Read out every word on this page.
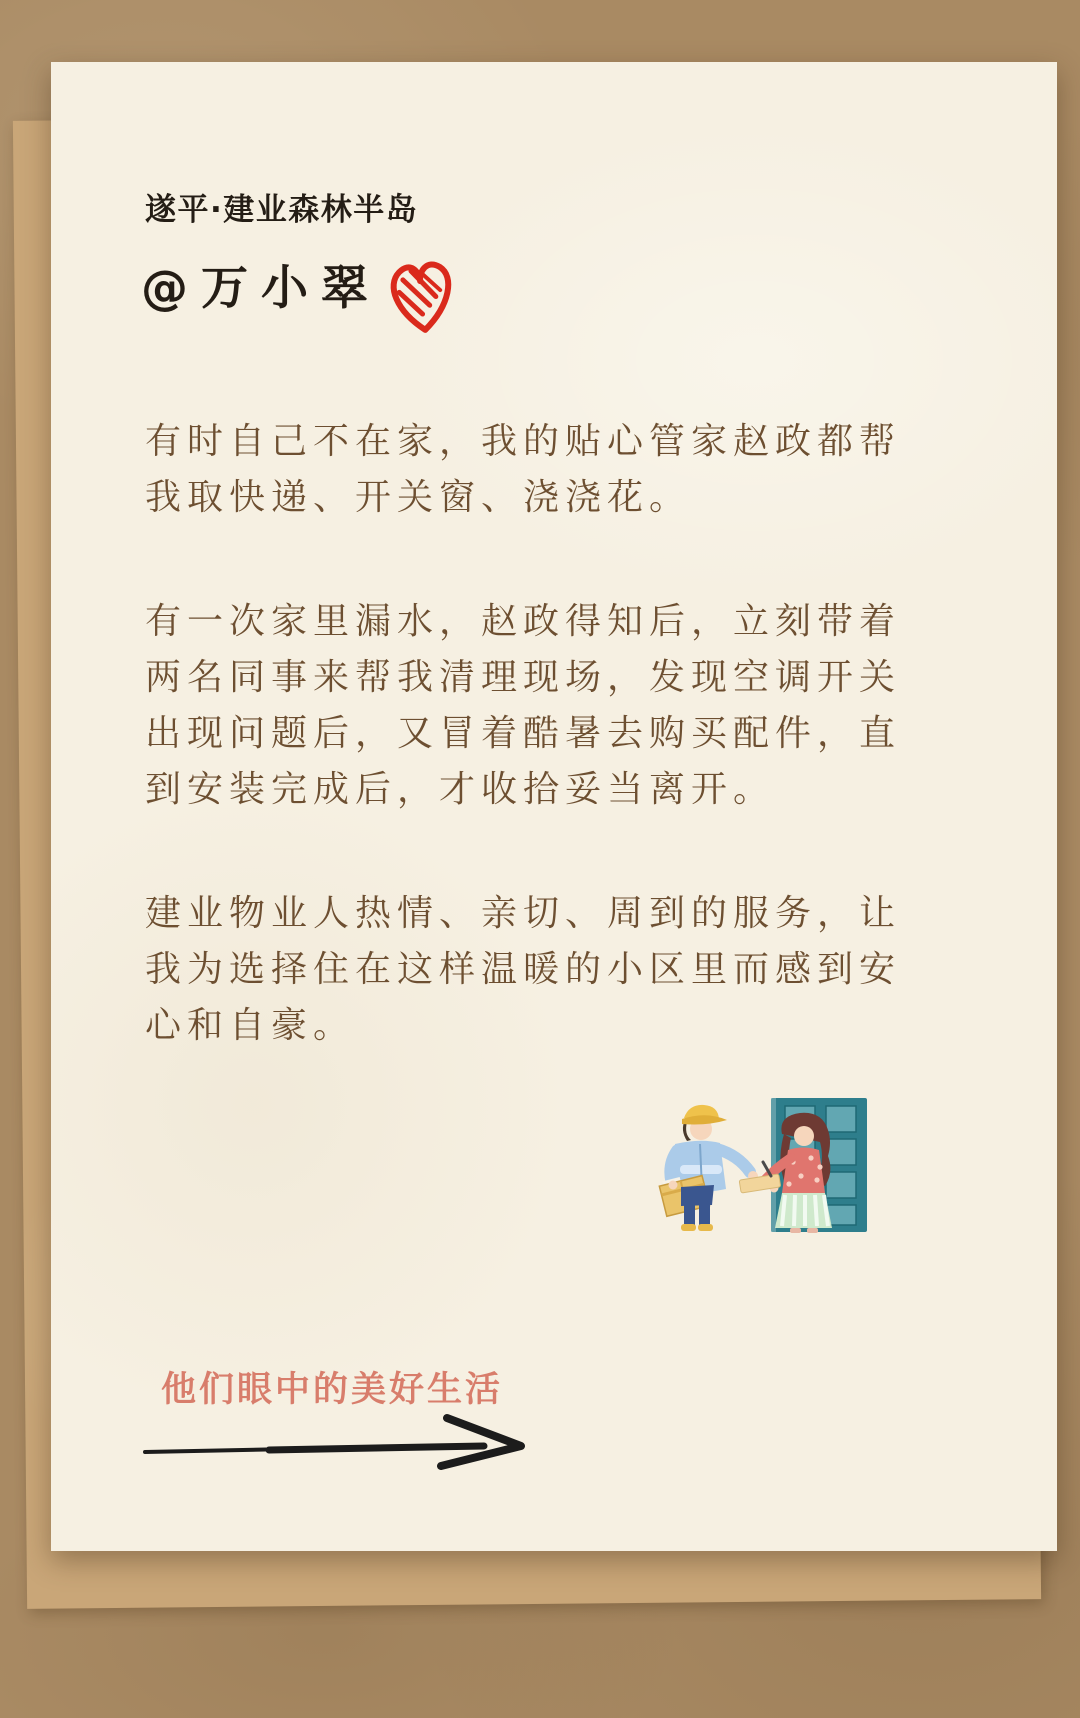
遂平·建业森林半岛
@万小翠

有时自己不在家，我的贴心管家赵政都帮
我取快递、开关窗、浇浇花。

有一次家里漏水，赵政得知后，立刻带着
两名同事来帮我清理现场，发现空调开关
出现问题后，又冒着酷暑去购买配件，直
到安装完成后，才收拾妥当离开。

建业物业人热情、亲切、周到的服务，让
我为选择住在这样温暖的小区里而感到安
心和自豪。

他们眼中的美好生活
